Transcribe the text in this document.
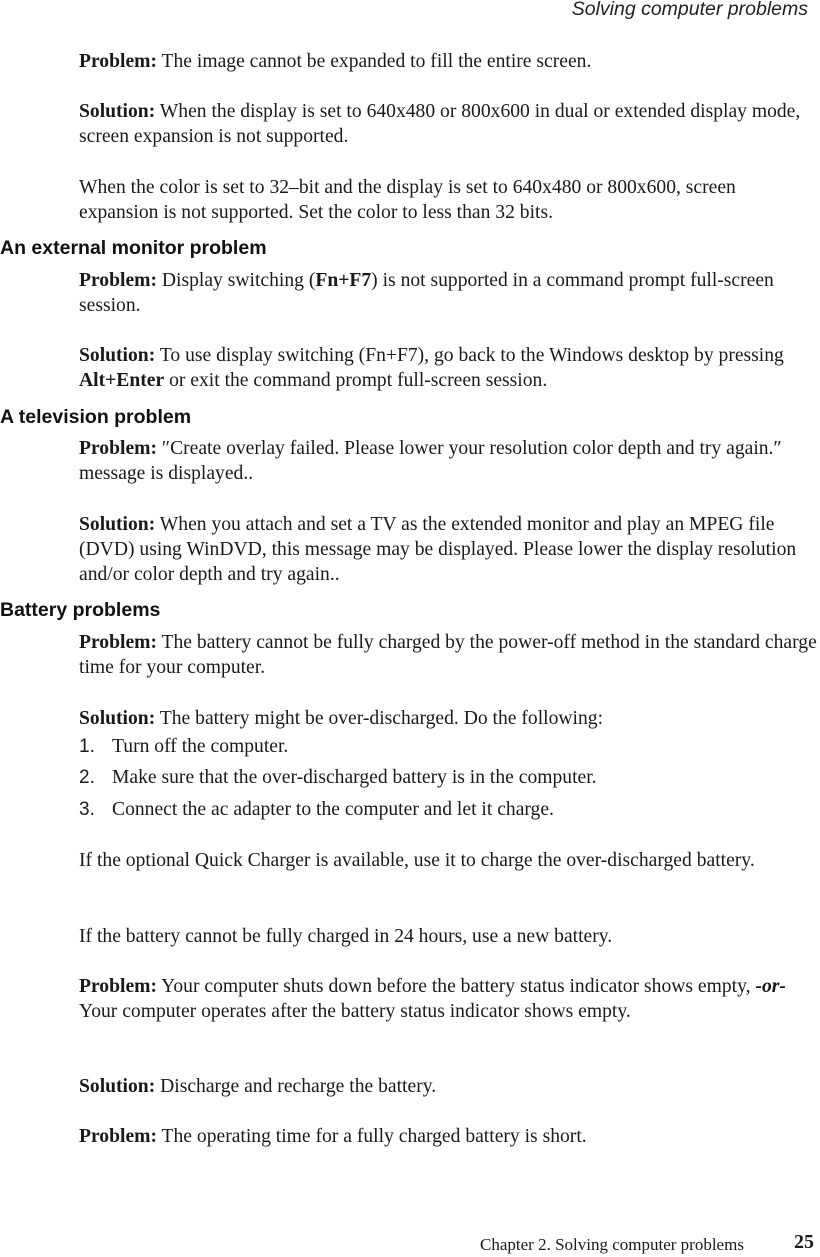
Solving computer problems

Problem: The image cannot be expanded to fill the entire screen.

Solution: When the display is set to 640x480 or 800x600 in dual or extended display mode, screen expansion is not supported.

When the color is set to 32–bit and the display is set to 640x480 or 800x600, screen expansion is not supported. Set the color to less than 32 bits.

An external monitor problem

Problem: Display switching (Fn+F7) is not supported in a command prompt full-screen session.

Solution: To use display switching (Fn+F7), go back to the Windows desktop by pressing Alt+Enter or exit the command prompt full-screen session.

A television problem

Problem: ″Create overlay failed. Please lower your resolution color depth and try again.″ message is displayed..

Solution: When you attach and set a TV as the extended monitor and play an MPEG file (DVD) using WinDVD, this message may be displayed. Please lower the display resolution and/or color depth and try again..

Battery problems

Problem: The battery cannot be fully charged by the power-off method in the standard charge time for your computer.

Solution: The battery might be over-discharged. Do the following:

1. Turn off the computer.
2. Make sure that the over-discharged battery is in the computer.
3. Connect the ac adapter to the computer and let it charge.

If the optional Quick Charger is available, use it to charge the over-discharged battery.

If the battery cannot be fully charged in 24 hours, use a new battery.

Problem: Your computer shuts down before the battery status indicator shows empty, -or- Your computer operates after the battery status indicator shows empty.

Solution: Discharge and recharge the battery.

Problem: The operating time for a fully charged battery is short.

Chapter 2. Solving computer problems	25
